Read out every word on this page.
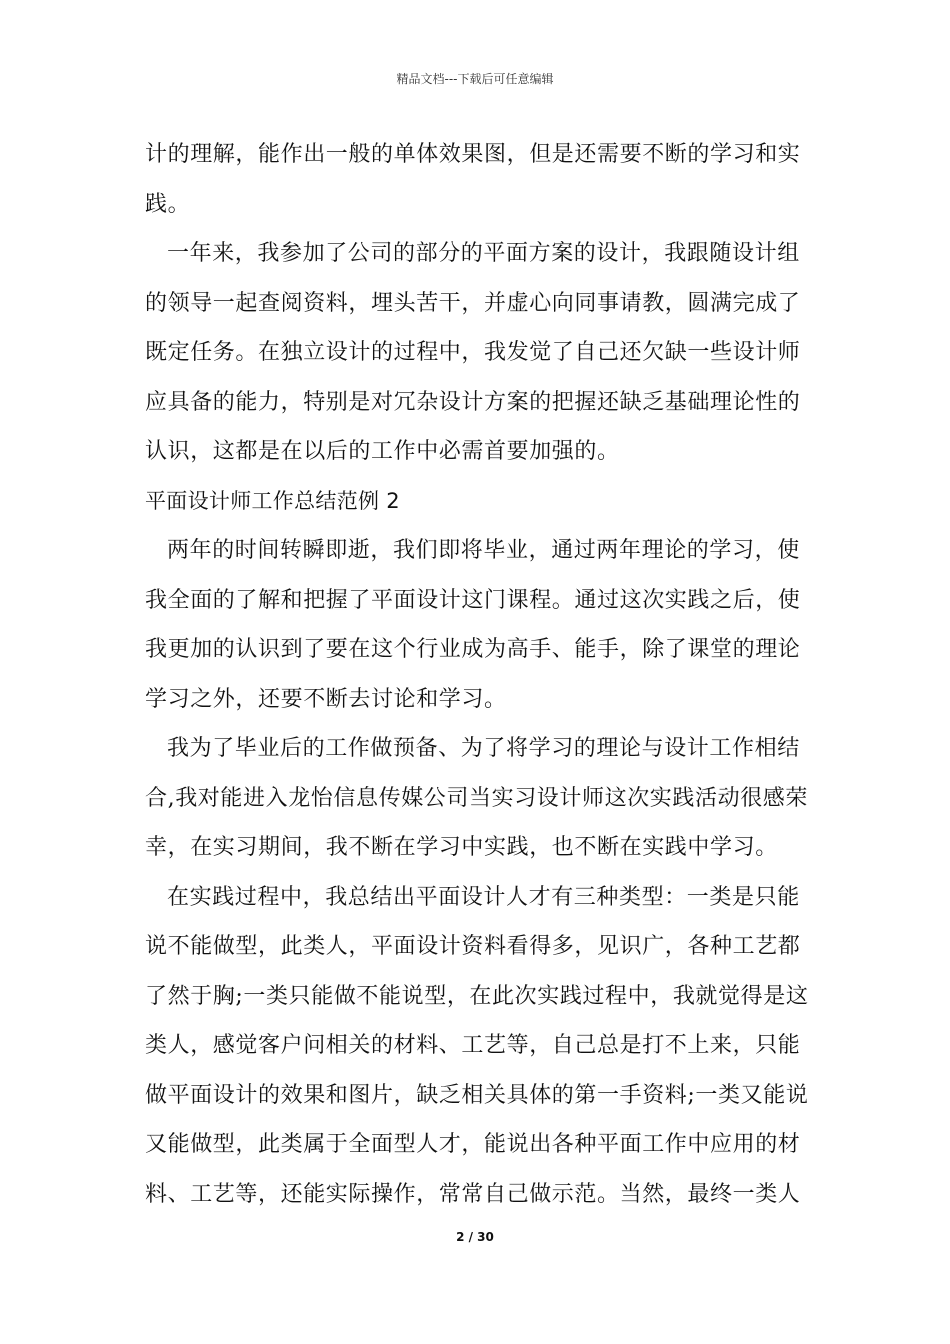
精品文档---下载后可任意编辑
计的理解，能作出一般的单体效果图，但是还需要不断的学习和实
践。
一年来，我参加了公司的部分的平面方案的设计，我跟随设计组
的领导一起查阅资料，埋头苦干，并虚心向同事请教，圆满完成了
既定任务。在独立设计的过程中，我发觉了自己还欠缺一些设计师
应具备的能力，特别是对冗杂设计方案的把握还缺乏基础理论性的
认识，这都是在以后的工作中必需首要加强的。
平面设计师工作总结范例 2
两年的时间转瞬即逝，我们即将毕业，通过两年理论的学习，使
我全面的了解和把握了平面设计这门课程。通过这次实践之后，使
我更加的认识到了要在这个行业成为高手、能手，除了课堂的理论
学习之外，还要不断去讨论和学习。
我为了毕业后的工作做预备、为了将学习的理论与设计工作相结
合,我对能进入龙怡信息传媒公司当实习设计师这次实践活动很感荣
幸，在实习期间，我不断在学习中实践，也不断在实践中学习。
在实践过程中，我总结出平面设计人才有三种类型：一类是只能
说不能做型，此类人，平面设计资料看得多，见识广，各种工艺都
了然于胸;一类只能做不能说型，在此次实践过程中，我就觉得是这
类人，感觉客户问相关的材料、工艺等，自己总是打不上来，只能
做平面设计的效果和图片，缺乏相关具体的第一手资料;一类又能说
又能做型，此类属于全面型人才，能说出各种平面工作中应用的材
料、工艺等，还能实际操作，常常自己做示范。当然，最终一类人
2 / 30
